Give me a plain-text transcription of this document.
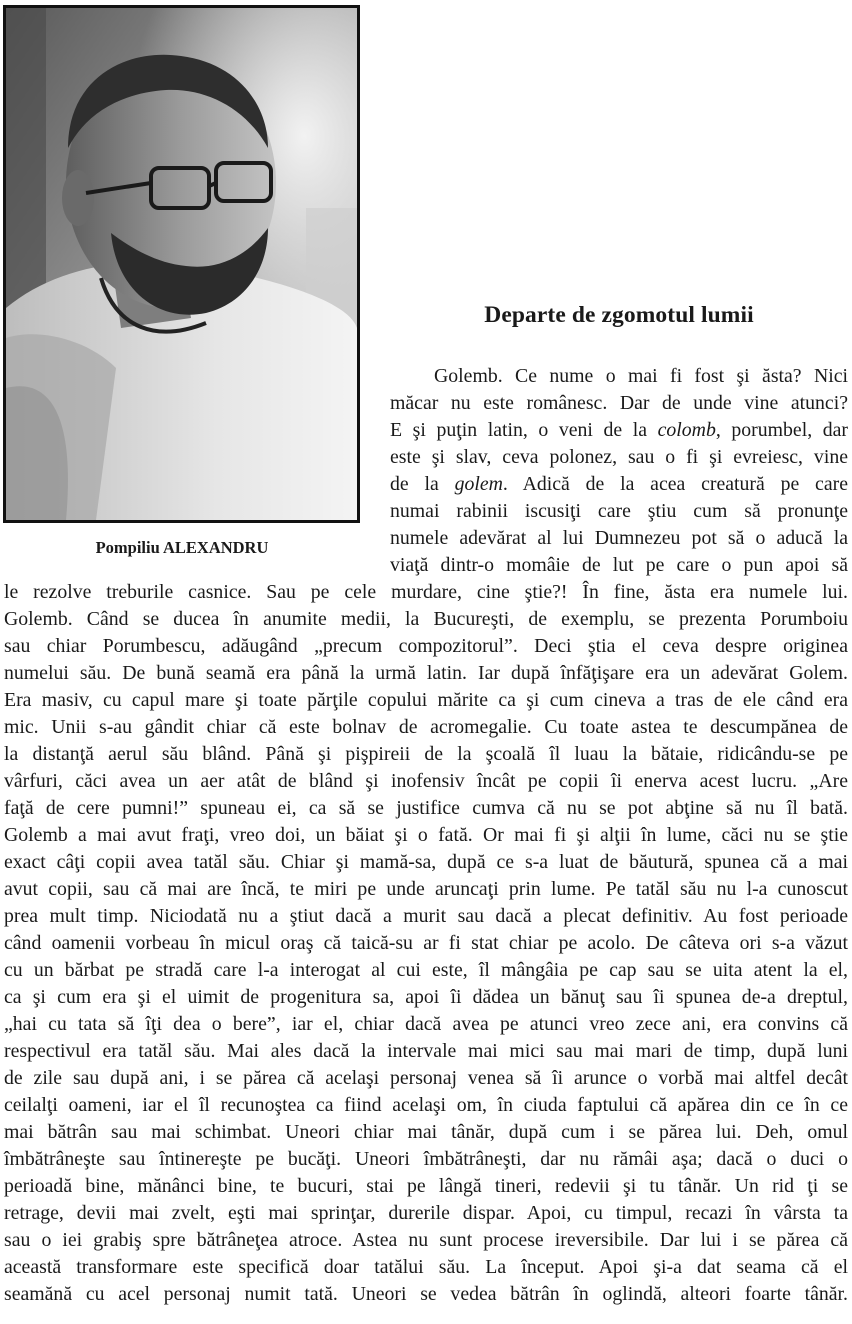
Pompiliu ALEXANDRU
Departe de zgomotul lumii
Golemb. Ce nume o mai fi fost şi ăsta? Nici
măcar nu este românesc. Dar de unde vine atunci?
E şi puţin latin, o veni de la colomb, porumbel, dar
este şi slav, ceva polonez, sau o fi şi evreiesc, vine
de la golem. Adică de la acea creatură pe care
numai rabinii iscusiţi care ştiu cum să pronunţe
numele adevărat al lui Dumnezeu pot să o aducă la
viaţă dintr-o momâie de lut pe care o pun apoi să
le rezolve treburile casnice. Sau pe cele murdare, cine ştie?! În fine, ăsta era numele lui.
Golemb. Când se ducea în anumite medii, la Bucureşti, de exemplu, se prezenta Porumboiu
sau chiar Porumbescu, adăugând „precum compozitorul”. Deci ştia el ceva despre originea
numelui său. De bună seamă era până la urmă latin. Iar după înfăţişare era un adevărat Golem.
Era masiv, cu capul mare şi toate părţile copului mărite ca şi cum cineva a tras de ele când era
mic. Unii s-au gândit chiar că este bolnav de acromegalie. Cu toate astea te descumpănea de
la distanţă aerul său blând. Până şi pişpireii de la şcoală îl luau la bătaie, ridicându-se pe
vârfuri, căci avea un aer atât de blând şi inofensiv încât pe copii îi enerva acest lucru. „Are
faţă de cere pumni!” spuneau ei, ca să se justifice cumva că nu se pot abţine să nu îl bată.
Golemb a mai avut fraţi, vreo doi, un băiat şi o fată. Or mai fi şi alţii în lume, căci nu se ştie
exact câţi copii avea tatăl său. Chiar şi mamă-sa, după ce s-a luat de băutură, spunea că a mai
avut copii, sau că mai are încă, te miri pe unde aruncaţi prin lume. Pe tatăl său nu l-a cunoscut
prea mult timp. Niciodată nu a ştiut dacă a murit sau dacă a plecat definitiv. Au fost perioade
când oamenii vorbeau în micul oraş că taică-su ar fi stat chiar pe acolo. De câteva ori s-a văzut
cu un bărbat pe stradă care l-a interogat al cui este, îl mângâia pe cap sau se uita atent la el,
ca şi cum era şi el uimit de progenitura sa, apoi îi dădea un bănuţ sau îi spunea de-a dreptul,
„hai cu tata să îţi dea o bere”, iar el, chiar dacă avea pe atunci vreo zece ani, era convins că
respectivul era tatăl său. Mai ales dacă la intervale mai mici sau mai mari de timp, după luni
de zile sau după ani, i se părea că acelaşi personaj venea să îi arunce o vorbă mai altfel decât
ceilalţi oameni, iar el îl recunoştea ca fiind acelaşi om, în ciuda faptului că apărea din ce în ce
mai bătrân sau mai schimbat. Uneori chiar mai tânăr, după cum i se părea lui. Deh, omul
îmbătrâneşte sau întinereşte pe bucăţi. Uneori îmbătrâneşti, dar nu rămâi aşa; dacă o duci o
perioadă bine, mănânci bine, te bucuri, stai pe lângă tineri, redevii şi tu tânăr. Un rid ţi se
retrage, devii mai zvelt, eşti mai sprinţar, durerile dispar. Apoi, cu timpul, recazi în vârsta ta
sau o iei grabiş spre bătrâneţea atroce. Astea nu sunt procese ireversibile. Dar lui i se părea că
această transformare este specifică doar tatălui său. La început. Apoi şi-a dat seama că el
seamănă cu acel personaj numit tată. Uneori se vedea bătrân în oglindă, alteori foarte tânăr.
